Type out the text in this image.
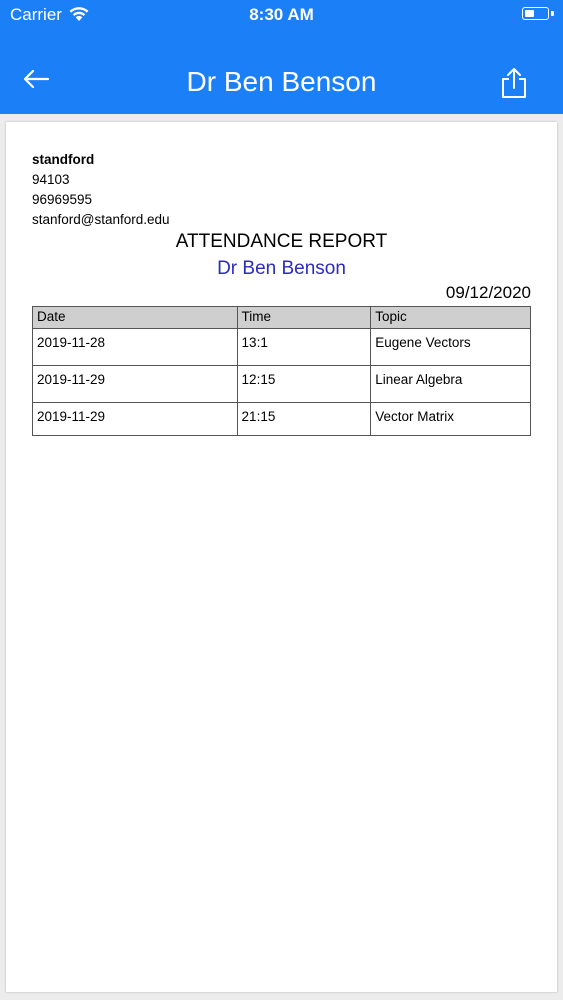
Carrier	8:30 AM
Dr Ben Benson
standford
94103
96969595
stanford@stanford.edu
ATTENDANCE REPORT
Dr Ben Benson
09/12/2020
Date	Time	Topic

2019-11-28	13:1	Eugene Vectors
2019-11-29	12:15	Linear Algebra
2019-11-29	21:15	Vector Matrix
